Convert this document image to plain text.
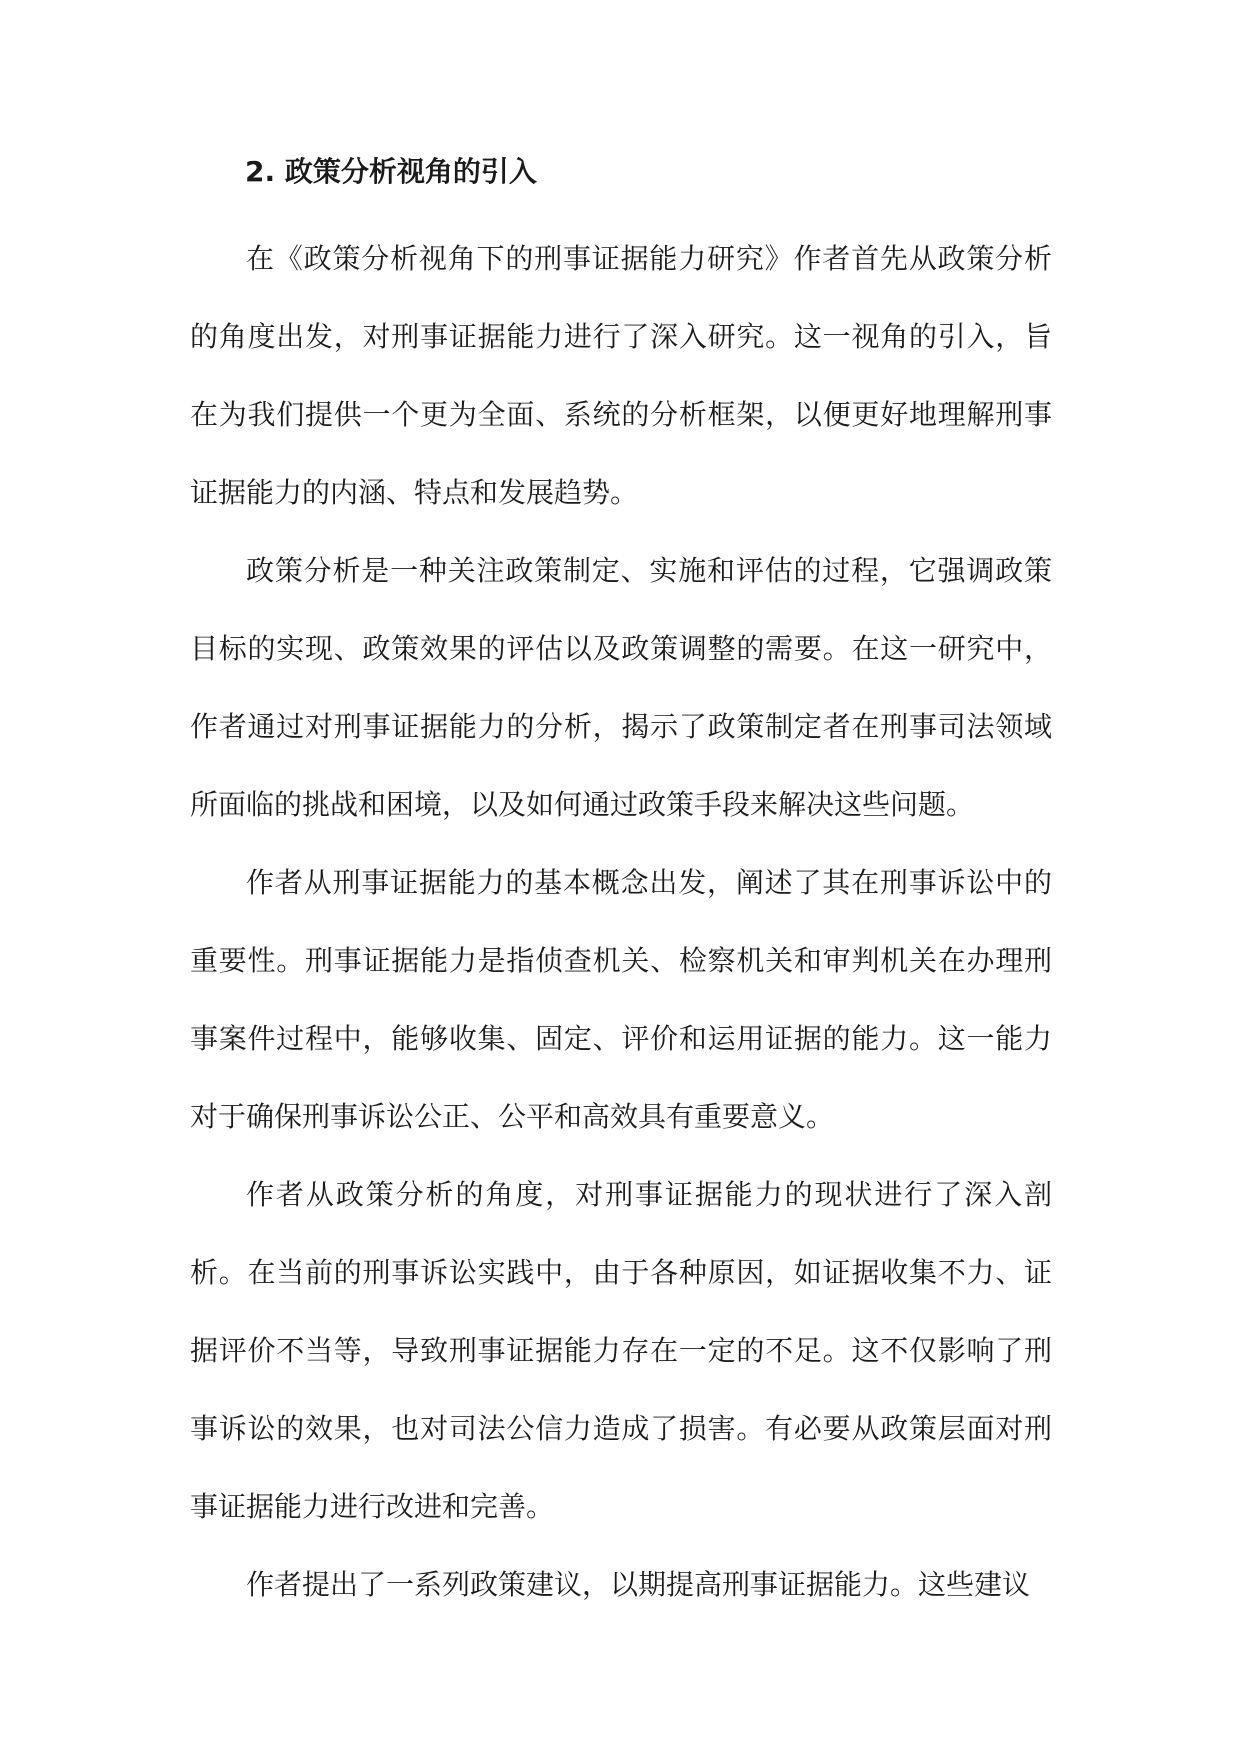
2. 政策分析视角的引入

在《政策分析视角下的刑事证据能力研究》作者首先从政策分析的角度出发，对刑事证据能力进行了深入研究。这一视角的引入，旨在为我们提供一个更为全面、系统的分析框架，以便更好地理解刑事证据能力的内涵、特点和发展趋势。

政策分析是一种关注政策制定、实施和评估的过程，它强调政策目标的实现、政策效果的评估以及政策调整的需要。在这一研究中，作者通过对刑事证据能力的分析，揭示了政策制定者在刑事司法领域所面临的挑战和困境，以及如何通过政策手段来解决这些问题。

作者从刑事证据能力的基本概念出发，阐述了其在刑事诉讼中的重要性。刑事证据能力是指侦查机关、检察机关和审判机关在办理刑事案件过程中，能够收集、固定、评价和运用证据的能力。这一能力对于确保刑事诉讼公正、公平和高效具有重要意义。

作者从政策分析的角度，对刑事证据能力的现状进行了深入剖析。在当前的刑事诉讼实践中，由于各种原因，如证据收集不力、证据评价不当等，导致刑事证据能力存在一定的不足。这不仅影响了刑事诉讼的效果，也对司法公信力造成了损害。有必要从政策层面对刑事证据能力进行改进和完善。

作者提出了一系列政策建议，以期提高刑事证据能力。这些建议
